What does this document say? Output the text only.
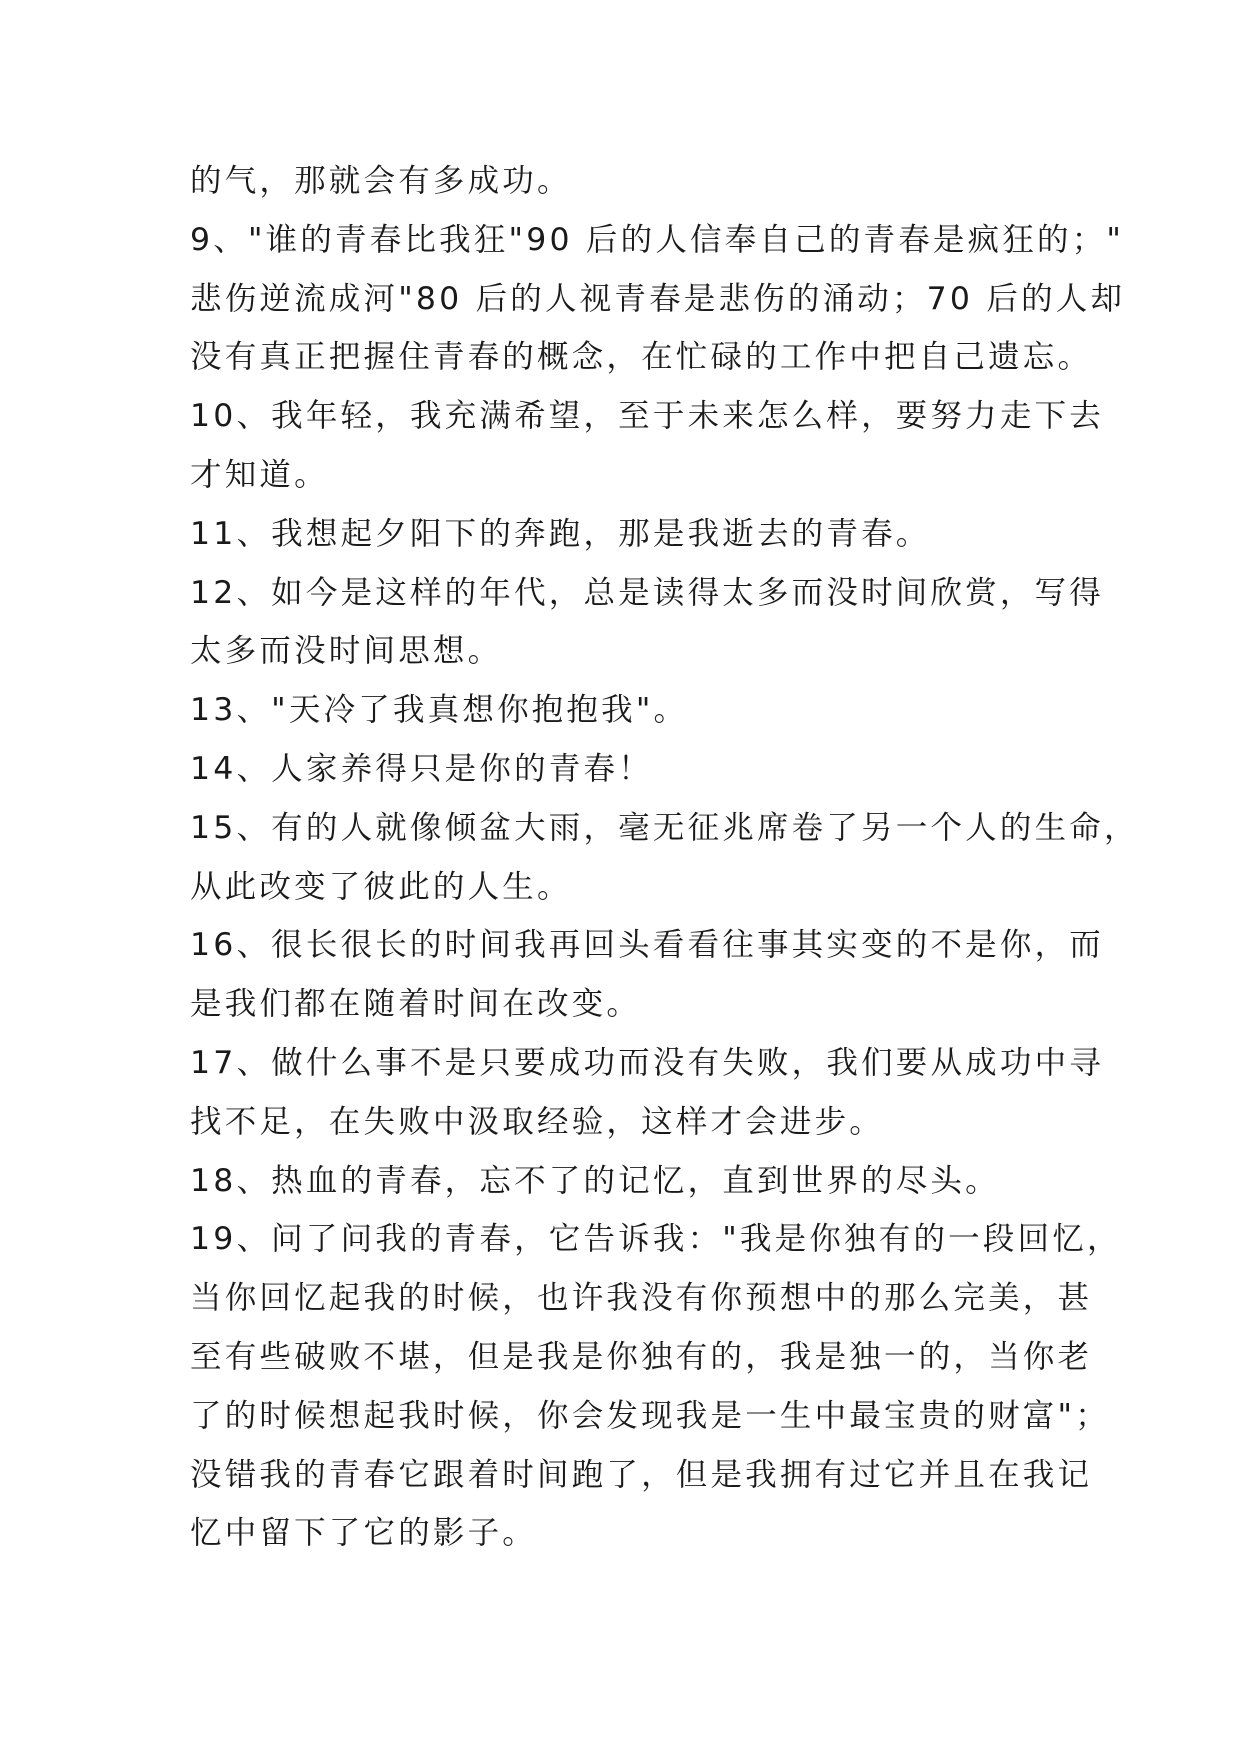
的气，那就会有多成功。
9、"谁的青春比我狂"90 后的人信奉自己的青春是疯狂的；"
悲伤逆流成河"80 后的人视青春是悲伤的涌动；70 后的人却
没有真正把握住青春的概念，在忙碌的工作中把自己遗忘。
10、我年轻，我充满希望，至于未来怎么样，要努力走下去
才知道。
11、我想起夕阳下的奔跑，那是我逝去的青春。
12、如今是这样的年代，总是读得太多而没时间欣赏，写得
太多而没时间思想。
13、"天冷了我真想你抱抱我"。
14、人家养得只是你的青春！
15、有的人就像倾盆大雨，毫无征兆席卷了另一个人的生命，
从此改变了彼此的人生。
16、很长很长的时间我再回头看看往事其实变的不是你，而
是我们都在随着时间在改变。
17、做什么事不是只要成功而没有失败，我们要从成功中寻
找不足，在失败中汲取经验，这样才会进步。
18、热血的青春，忘不了的记忆，直到世界的尽头。
19、问了问我的青春，它告诉我："我是你独有的一段回忆，
当你回忆起我的时候，也许我没有你预想中的那么完美，甚
至有些破败不堪，但是我是你独有的，我是独一的，当你老
了的时候想起我时候，你会发现我是一生中最宝贵的财富"；
没错我的青春它跟着时间跑了，但是我拥有过它并且在我记
忆中留下了它的影子。
